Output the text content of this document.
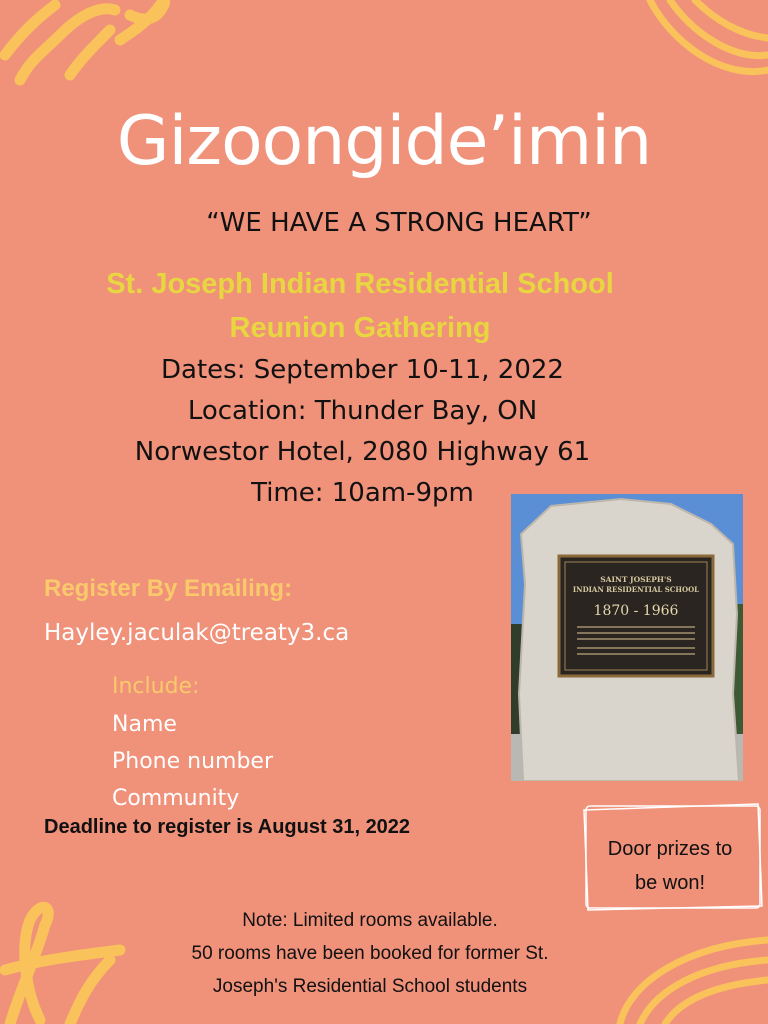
Gizoongide’imin
“WE HAVE A STRONG HEART”
St. Joseph Indian Residential School
Reunion Gathering
Dates: September 10-11, 2022
Location: Thunder Bay, ON
Norwestor Hotel, 2080 Highway 61
Time: 10am-9pm
SAINT JOSEPH'S
INDIAN RESIDENTIAL SCHOOL
1870 - 1966
Register By Emailing:
Hayley.jaculak@treaty3.ca
Include:
Name
Phone number
Community
Deadline to register is August 31, 2022
Door prizes to
be won!
Note: Limited rooms available.
50 rooms have been booked for former St.
Joseph's Residential School students
